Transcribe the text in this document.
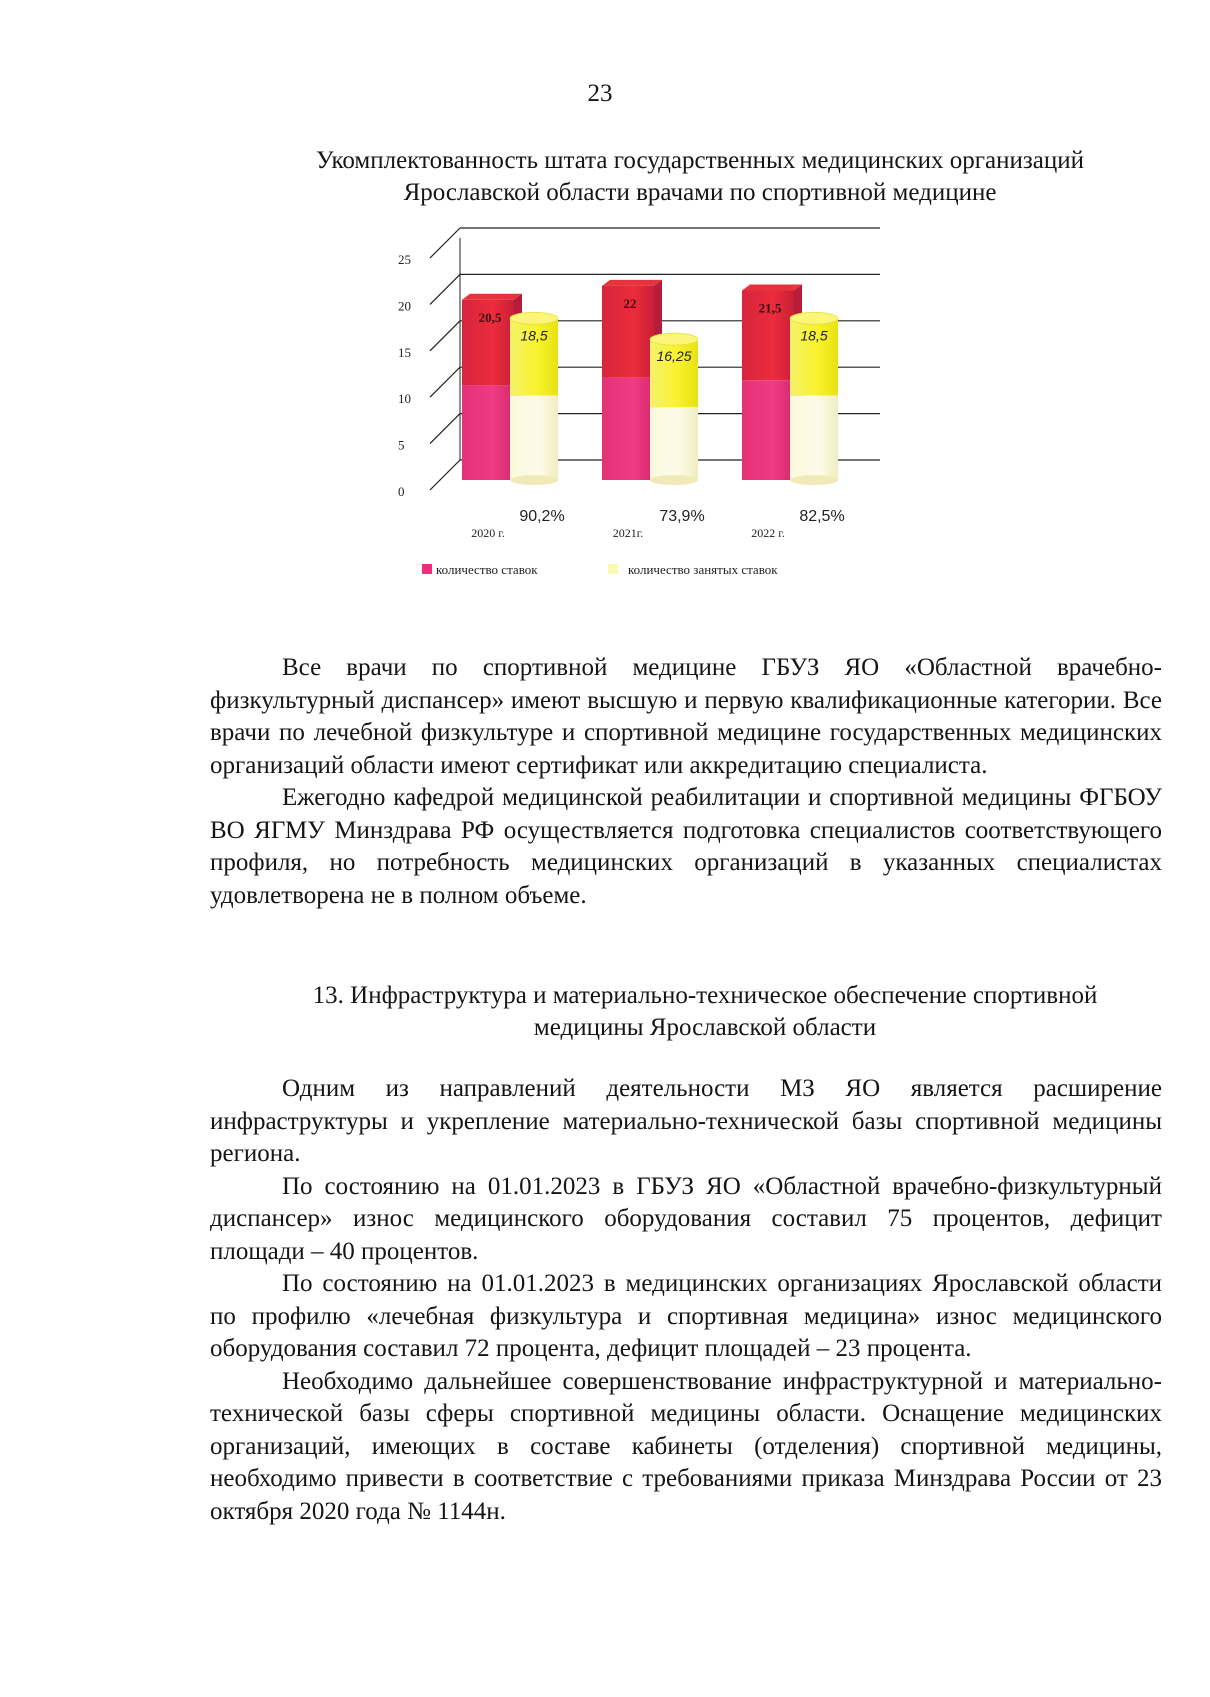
23
Укомплектованность штата государственных медицинских организаций
Ярославской области врачами по спортивной медицине
0
5
10
15
20
25
20,5
18,5
90,2%
2020 г.
22
16,25
73,9%
2021г.
21,5
18,5
82,5%
2022 г.
количество ставок	количество занятых ставок

Все врачи по спортивной медицине ГБУЗ ЯО «Областной врачебно-физкультурный диспансер» имеют высшую и первую квалификационные категории. Все врачи по лечебной физкультуре и спортивной медицине государственных медицинских организаций области имеют сертификат или аккредитацию специалиста.

Ежегодно кафедрой медицинской реабилитации и спортивной медицины ФГБОУ ВО ЯГМУ Минздрава РФ осуществляется подготовка специалистов соответствующего профиля, но потребность медицинских организаций в указанных специалистах удовлетворена не в полном объеме.

13. Инфраструктура и материально-техническое обеспечение спортивной
медицины Ярославской области

Одним из направлений деятельности МЗ ЯО является расширение инфраструктуры и укрепление материально-технической базы спортивной медицины региона.

По состоянию на 01.01.2023 в ГБУЗ ЯО «Областной врачебно-физкультурный диспансер» износ медицинского оборудования составил 75 процентов, дефицит площади – 40 процентов.

По состоянию на 01.01.2023 в медицинских организациях Ярославской области по профилю «лечебная физкультура и спортивная медицина» износ медицинского оборудования составил 72 процента, дефицит площадей – 23 процента.

Необходимо дальнейшее совершенствование инфраструктурной и материально-технической базы сферы спортивной медицины области. Оснащение медицинских организаций, имеющих в составе кабинеты (отделения) спортивной медицины, необходимо привести в соответствие с требованиями приказа Минздрава России от 23 октября 2020 года № 1144н.
